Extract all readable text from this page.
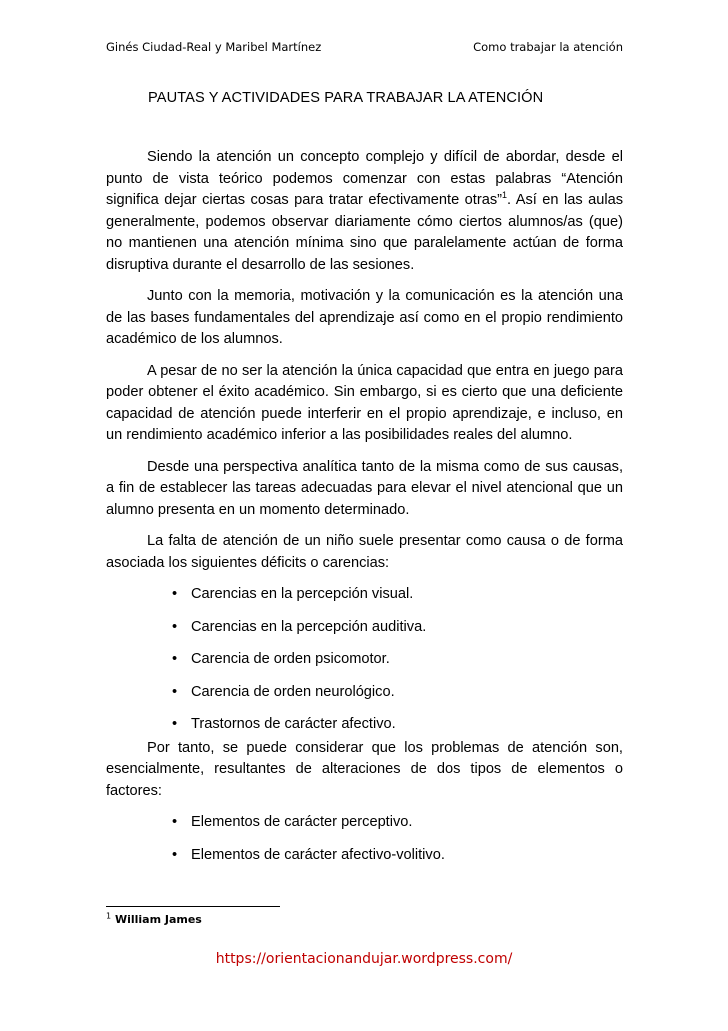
Ginés Ciudad-Real y Maribel Martínez	Como trabajar la atención
PAUTAS Y ACTIVIDADES PARA TRABAJAR LA ATENCIÓN

Siendo la atención un concepto complejo y difícil de abordar, desde el punto de vista teórico podemos comenzar con estas palabras “Atención significa dejar ciertas cosas para tratar efectivamente otras”$^1$. Así en las aulas generalmente, podemos observar diariamente cómo ciertos alumnos/as (que) no mantienen una atención mínima sino que paralelamente actúan de forma disruptiva durante el desarrollo de las sesiones.

Junto con la memoria, motivación y la comunicación es la atención una de las bases fundamentales del aprendizaje así como en el propio rendimiento académico de los alumnos.

A pesar de no ser la atención la única capacidad que entra en juego para poder obtener el éxito académico. Sin embargo, si es cierto que una deficiente capacidad de atención puede interferir en el propio aprendizaje, e incluso, en un rendimiento académico inferior a las posibilidades reales del alumno.

Desde una perspectiva analítica tanto de la misma como de sus causas, a fin de establecer las tareas adecuadas para elevar el nivel atencional que un alumno presenta en un momento determinado.

La falta de atención de un niño suele presentar como causa o de forma asociada los siguientes déficits o carencias:

• Carencias en la percepción visual.
• Carencias en la percepción auditiva.
• Carencia de orden psicomotor.
• Carencia de orden neurológico.
• Trastornos de carácter afectivo.

Por tanto, se puede considerar que los problemas de atención son, esencialmente, resultantes de alteraciones de dos tipos de elementos o factores:

• Elementos de carácter perceptivo.
• Elementos de carácter afectivo-volitivo.
$^1$ William James
https://orientacionandujar.wordpress.com/
